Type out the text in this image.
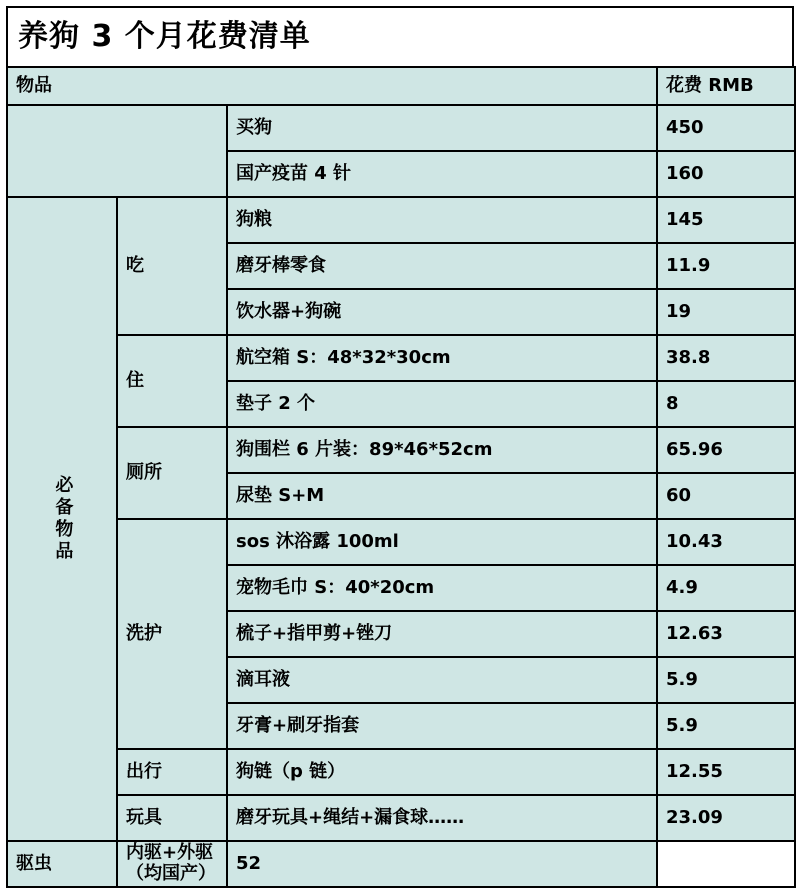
养狗 3 个月花费清单
物品			花费 RMB
		买狗	450
		国产疫苗 4 针	160
必备物品	吃	狗粮	145
		磨牙棒零食	11.9
		饮水器+狗碗	19
	住	航空箱 S：48*32*30cm	38.8
		垫子 2 个	8
	厕所	狗围栏 6 片装：89*46*52cm	65.96
		尿垫 S+M	60
	洗护	sos 沐浴露 100ml	10.43
		宠物毛巾 S：40*20cm	4.9
		梳子+指甲剪+锉刀	12.63
		滴耳液	5.9
		牙膏+刷牙指套	5.9
	出行	狗链（p 链）	12.55
	玩具	磨牙玩具+绳结+漏食球……	23.09
驱虫	内驱+外驱（均国产）	52	
